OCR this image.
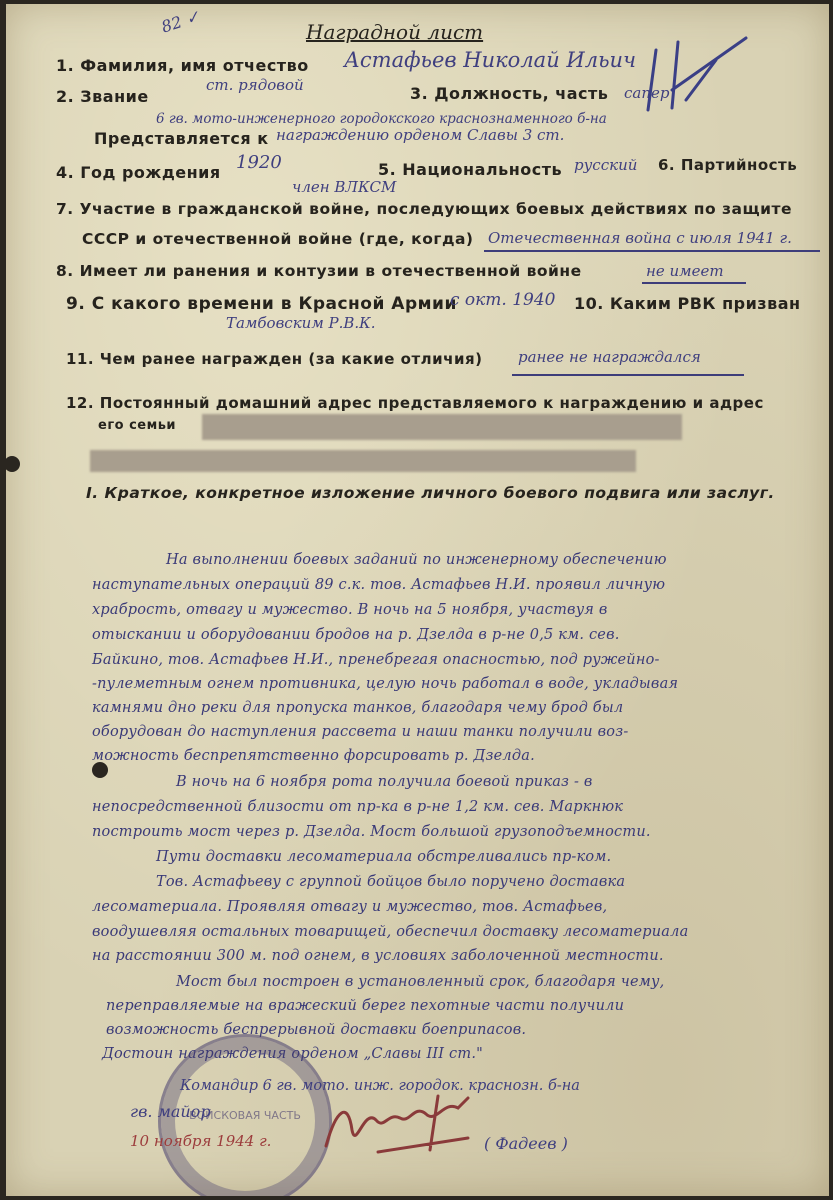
Наградной лист
82 ✓
1. Фамилия, имя отчество Астафьев Николай Ильич
2. Звание
ст. рядовой	3. Должность, часть сапер
6 гв. мото-инженерного городокского краснознаменного б-на
Представляется к награждению орденом Славы 3 ст.
4. Год рождения 1920	5. Национальность русский 6. Партийность
член ВЛКСМ
7. Участие в гражданской войне, последующих боевых действиях по защите
СССР и отечественной войне (где, когда) Отечественная война с июля 1941 г.
8. Имеет ли ранения и контузии в отечественной войне	не имеет
9. С какого времени в Красной Армии
с окт. 1940 10. Каким РВК призван
Тамбовским Р.В.К.
11. Чем ранее награжден (за какие отличия) ранее не награждался
12. Постоянный домашний адрес представляемого к награждению и адрес
его семьи
I. Краткое, конкретное изложение личного боевого подвига или заслуг.
На выполнении боевых заданий по инженерному обеспечению
наступательных операций 89 с.к. тов. Астафьев Н.И. проявил личную
храбрость, отвагу и мужество. В ночь на 5 ноября, участвуя в
отыскании и оборудовании бродов на р. Дзелда в р-не 0,5 км. сев.
Байкино, тов. Астафьев Н.И., пренебрегая опасностью, под ружейно-
-пулеметным огнем противника, целую ночь работал в воде, укладывая
камнями дно реки для пропуска танков, благодаря чему брод был
оборудован до наступления рассвета и наши танки получили воз-
можность беспрепятственно форсировать р. Дзелда.
В ночь на 6 ноября рота получила боевой приказ - в
непосредственной близости от пр-ка в р-не 1,2 км. сев. Маркнюк
построить мост через р. Дзелда. Мост большой грузоподъемности.
Пути доставки лесоматериала обстреливались пр-ком.
Тов. Астафьеву с группой бойцов было поручено доставка
лесоматериала. Проявляя отвагу и мужество, тов. Астафьев,
воодушевляя остальных товарищей, обеспечил доставку лесоматериала
на расстоянии 300 м. под огнем, в условиях заболоченной местности.
Мост был построен в установленный срок, благодаря чему,
переправляемые на вражеский берег пехотные части получили
возможность беспрерывной доставки боеприпасов.
Достоин награждения орденом „Славы III ст."
ВОЙСКОВАЯ ЧАСТЬ
Командир 6 гв. мото. инж. городок. краснозн. б-на
гв. майор
10 ноября 1944 г.	( Фадеев )
